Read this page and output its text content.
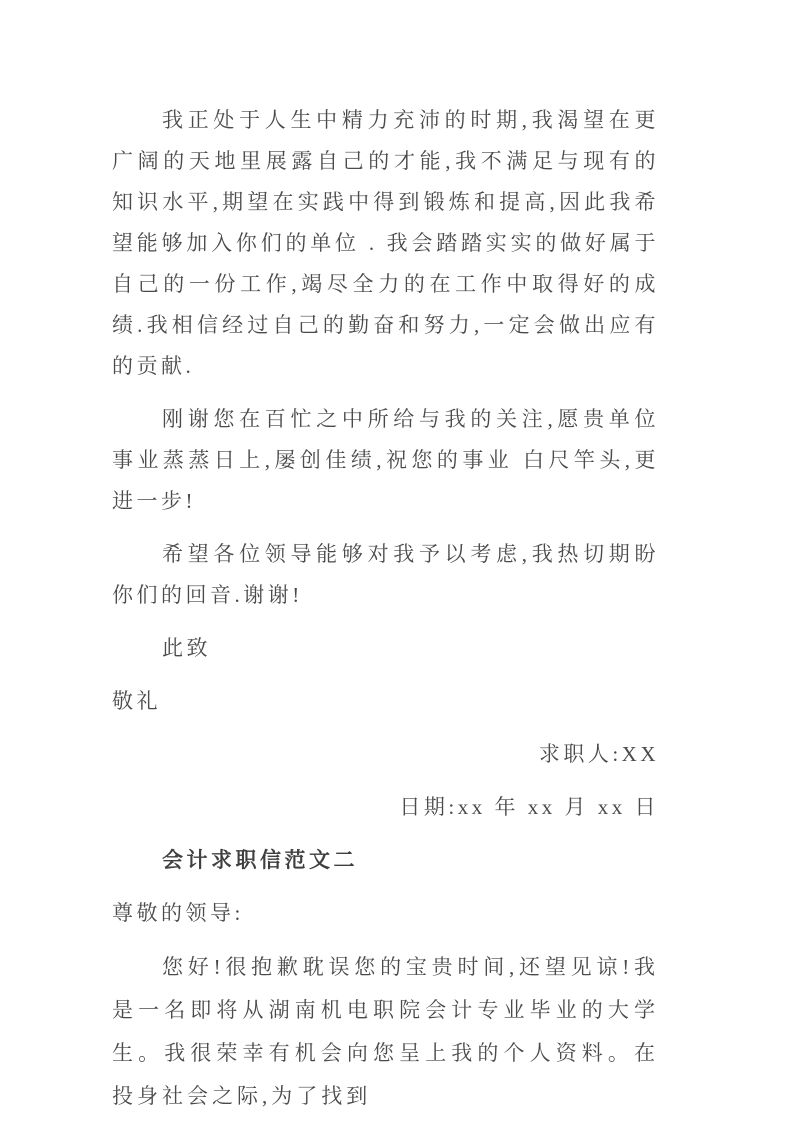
我正处于人生中精力充沛的时期,我渴望在更广阔的天地里展露自己的才能,我不满足与现有的知识水平,期望在实践中得到锻炼和提高,因此我希望能够加入你们的单位 . 我会踏踏实实的做好属于自己的一份工作,竭尽全力的在工作中取得好的成绩.我相信经过自己的勤奋和努力,一定会做出应有的贡献.

刚谢您在百忙之中所给与我的关注,愿贵单位事业蒸蒸日上,屡创佳绩,祝您的事业 白尺竿头,更进一步!

希望各位领导能够对我予以考虑,我热切期盼你们的回音.谢谢!

此致

敬礼

求职人:XX

日期:xx 年 xx 月 xx 日

会计求职信范文二

尊敬的领导:

您好!很抱歉耽误您的宝贵时间,还望见谅!我是一名即将从湖南机电职院会计专业毕业的大学生。我很荣幸有机会向您呈上我的个人资料。在投身社会之际,为了找到
